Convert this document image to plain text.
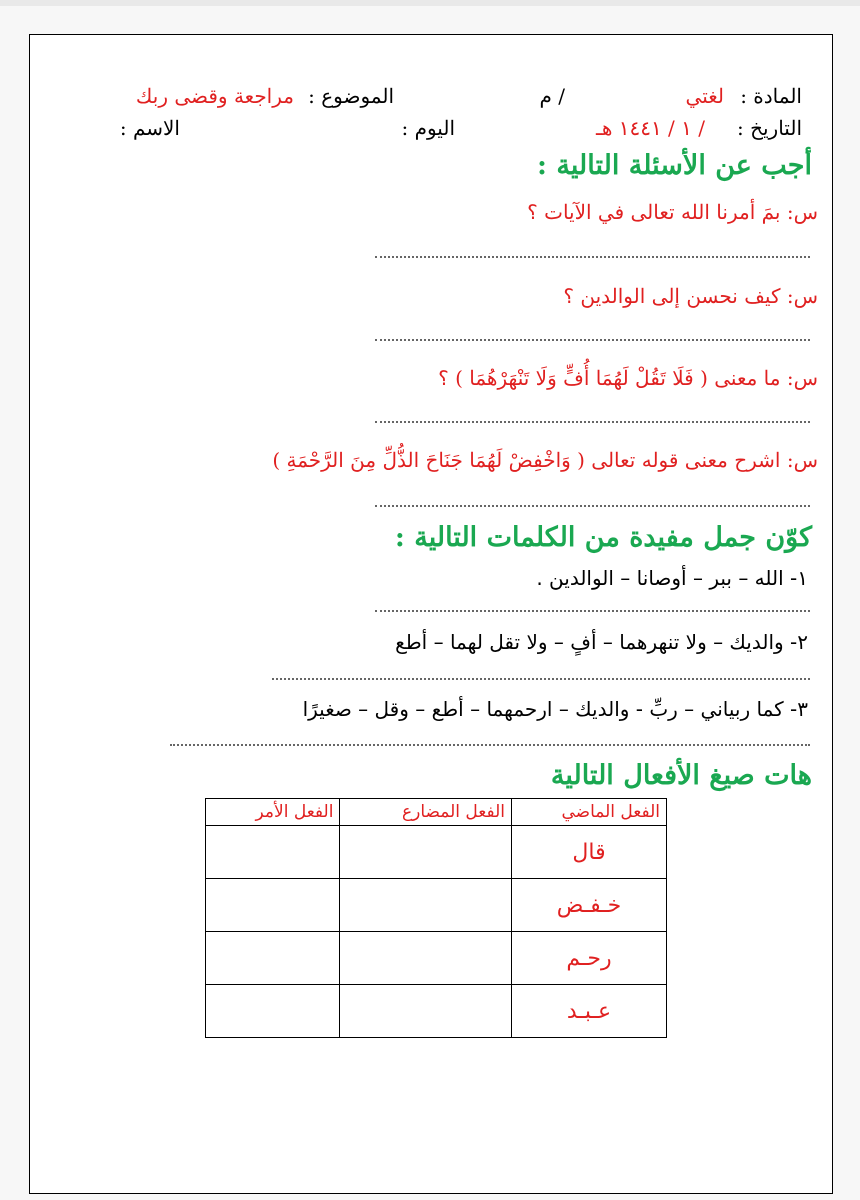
المادة :
لغتي
/ م
الموضوع :
مراجعة وقضى ربك
التاريخ :
/ ١ / ١٤٤١ هـ
اليوم :
الاسم :
أجب عن الأسئلة التالية :
س: بمَ أمرنا الله تعالى في الآيات ؟
س: كيف نحسن إلى الوالدين ؟
س: ما معنى ( فَلَا تَقُلْ لَهُمَا أُفٍّ وَلَا تَنْهَرْهُمَا ) ؟
س: اشرح معنى قوله تعالى ( وَاخْفِضْ لَهُمَا جَنَاحَ الذُّلِّ مِنَ الرَّحْمَةِ )
كوّن جمل مفيدة من الكلمات التالية :
١- الله – ببر – أوصانا – الوالدين .
٢- والديك – ولا تنهرهما – أفٍ – ولا تقل لهما – أطع
٣- كما ربياني – ربِّ - والديك – ارحمهما – أطع – وقل – صغيرًا
هات صيغ الأفعال التالية
الفعل الماضي	الفعل المضارع	الفعل الأمر
قال		
خـفـض		
رحـم		
عـبـد		
